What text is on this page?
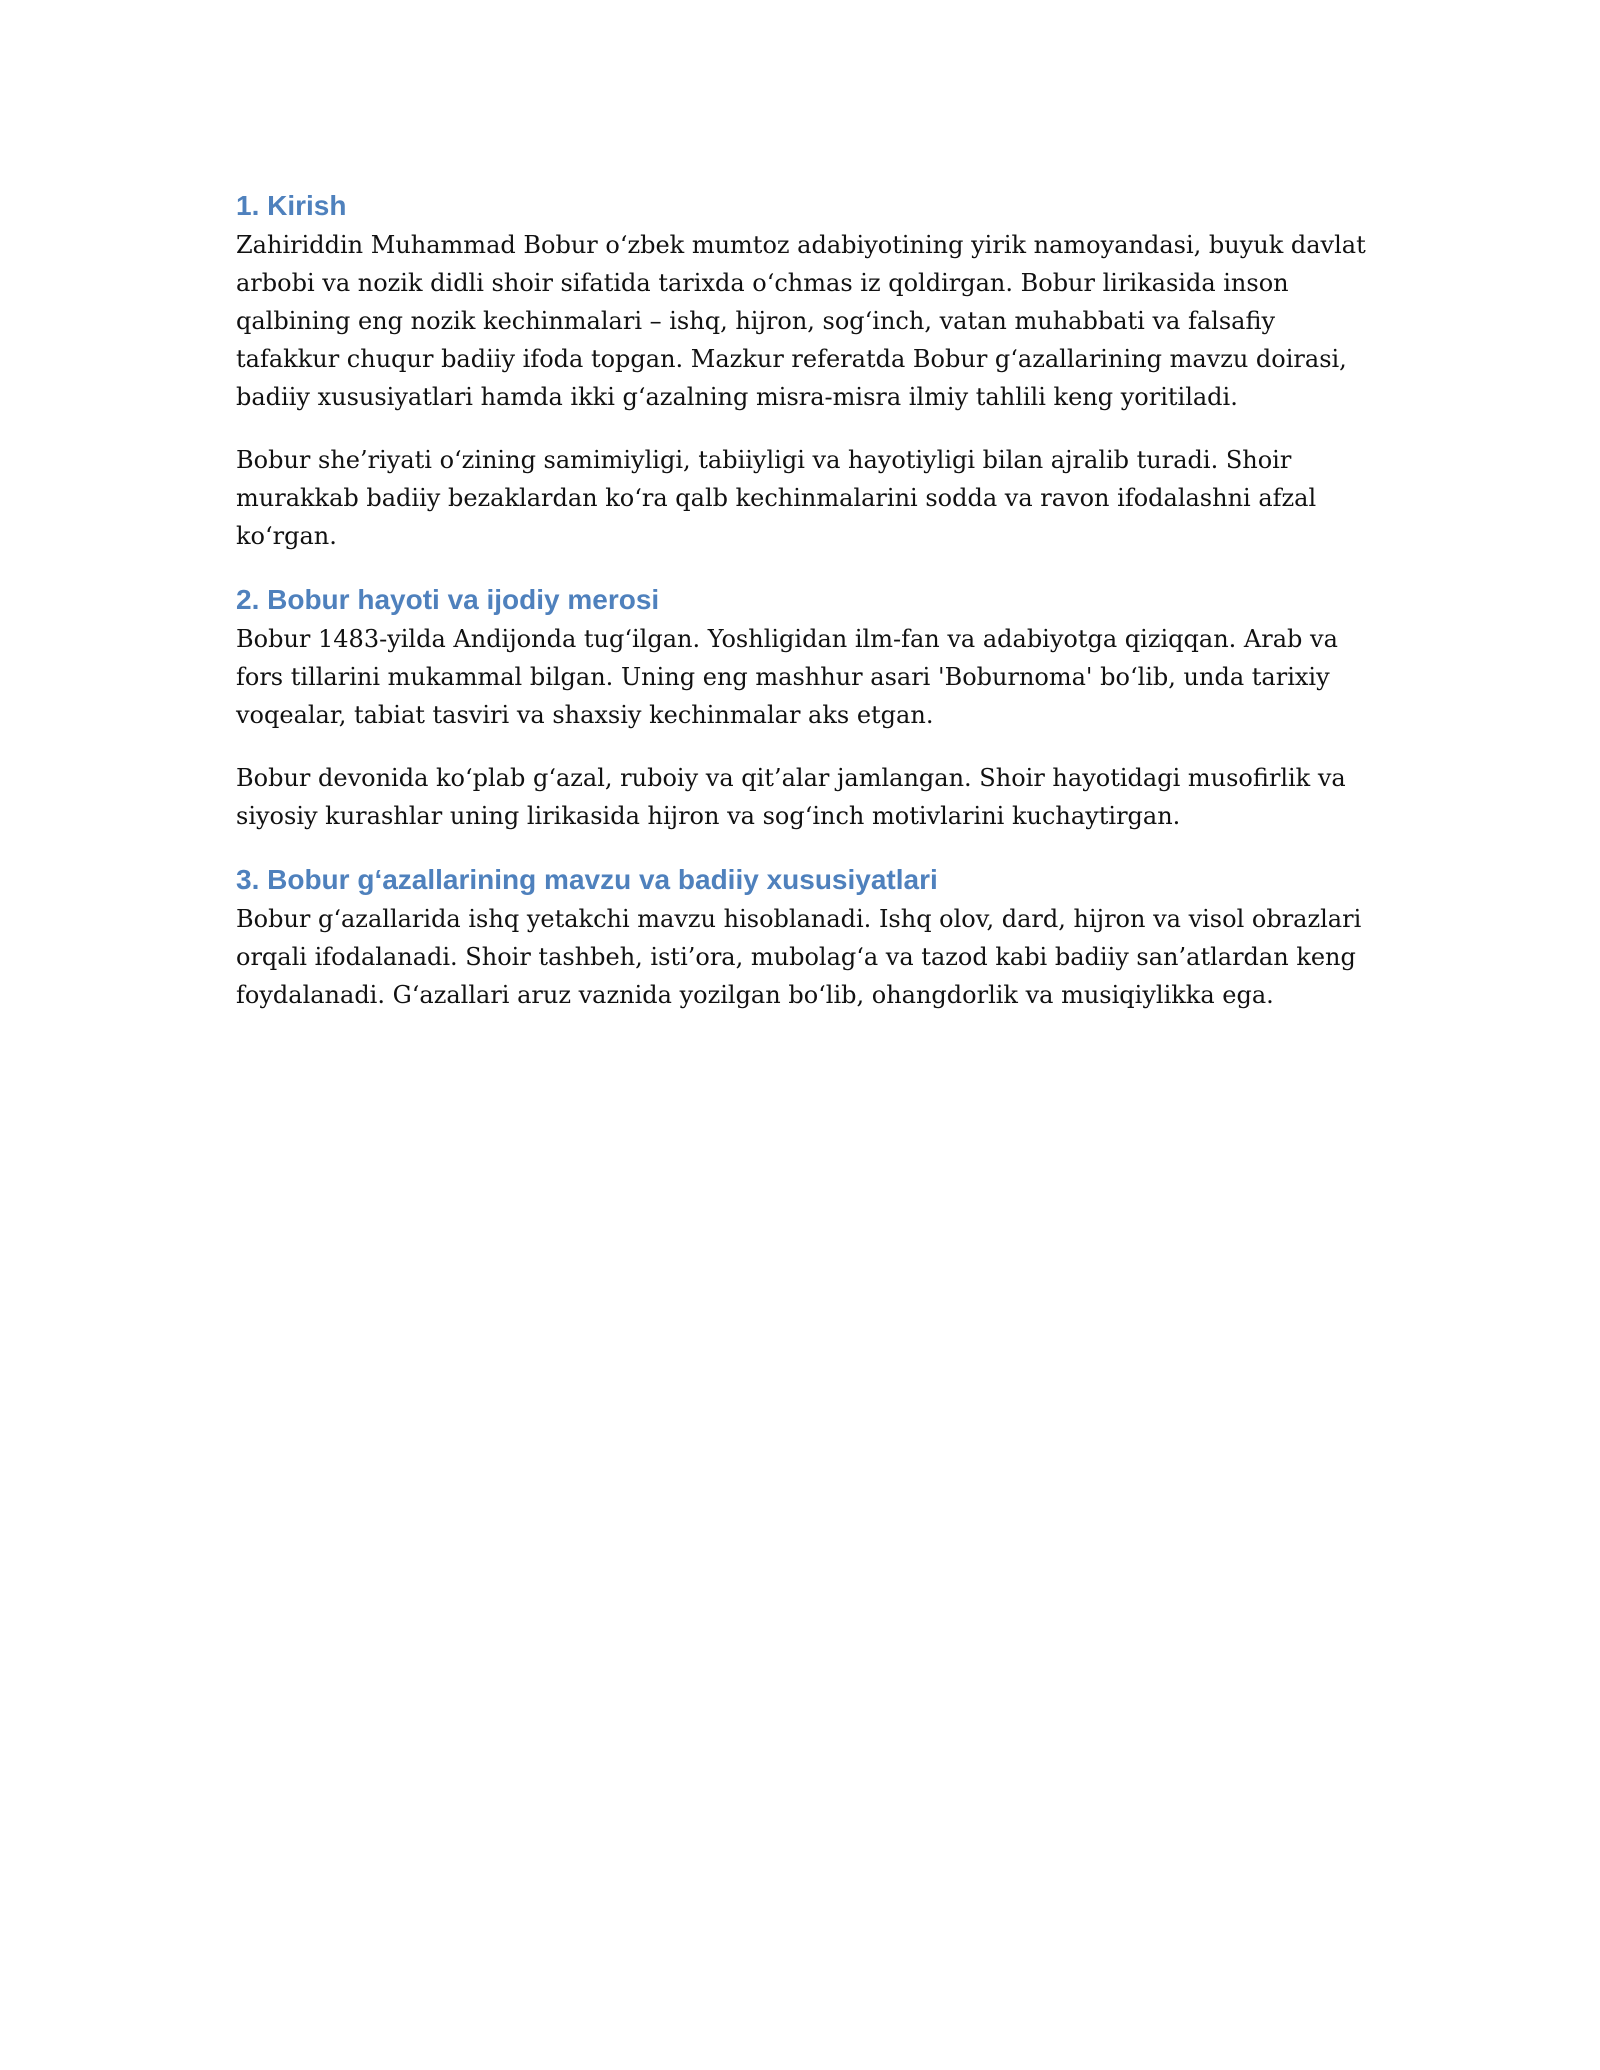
1. Kirish

Zahiriddin Muhammad Bobur o‘zbek mumtoz adabiyotining yirik namoyandasi, buyuk davlat arbobi va nozik didli shoir sifatida tarixda o‘chmas iz qoldirgan. Bobur lirikasida inson qalbining eng nozik kechinmalari – ishq, hijron, sog‘inch, vatan muhabbati va falsafiy tafakkur chuqur badiiy ifoda topgan. Mazkur referatda Bobur g‘azallarining mavzu doirasi, badiiy xususiyatlari hamda ikki g‘azalning misra-misra ilmiy tahlili keng yoritiladi.

Bobur she’riyati o‘zining samimiyligi, tabiiyligi va hayotiyligi bilan ajralib turadi. Shoir murakkab badiiy bezaklardan ko‘ra qalb kechinmalarini sodda va ravon ifodalashni afzal ko‘rgan.

2. Bobur hayoti va ijodiy merosi

Bobur 1483-yilda Andijonda tug‘ilgan. Yoshligidan ilm-fan va adabiyotga qiziqqan. Arab va fors tillarini mukammal bilgan. Uning eng mashhur asari 'Boburnoma' bo‘lib, unda tarixiy voqealar, tabiat tasviri va shaxsiy kechinmalar aks etgan.

Bobur devonida ko‘plab g‘azal, ruboiy va qit’alar jamlangan. Shoir hayotidagi musofirlik va siyosiy kurashlar uning lirikasida hijron va sog‘inch motivlarini kuchaytirgan.

3. Bobur g‘azallarining mavzu va badiiy xususiyatlari

Bobur g‘azallarida ishq yetakchi mavzu hisoblanadi. Ishq olov, dard, hijron va visol obrazlari orqali ifodalanadi. Shoir tashbeh, isti’ora, mubolag‘a va tazod kabi badiiy san’atlardan keng foydalanadi. G‘azallari aruz vaznida yozilgan bo‘lib, ohangdorlik va musiqiylikka ega.
